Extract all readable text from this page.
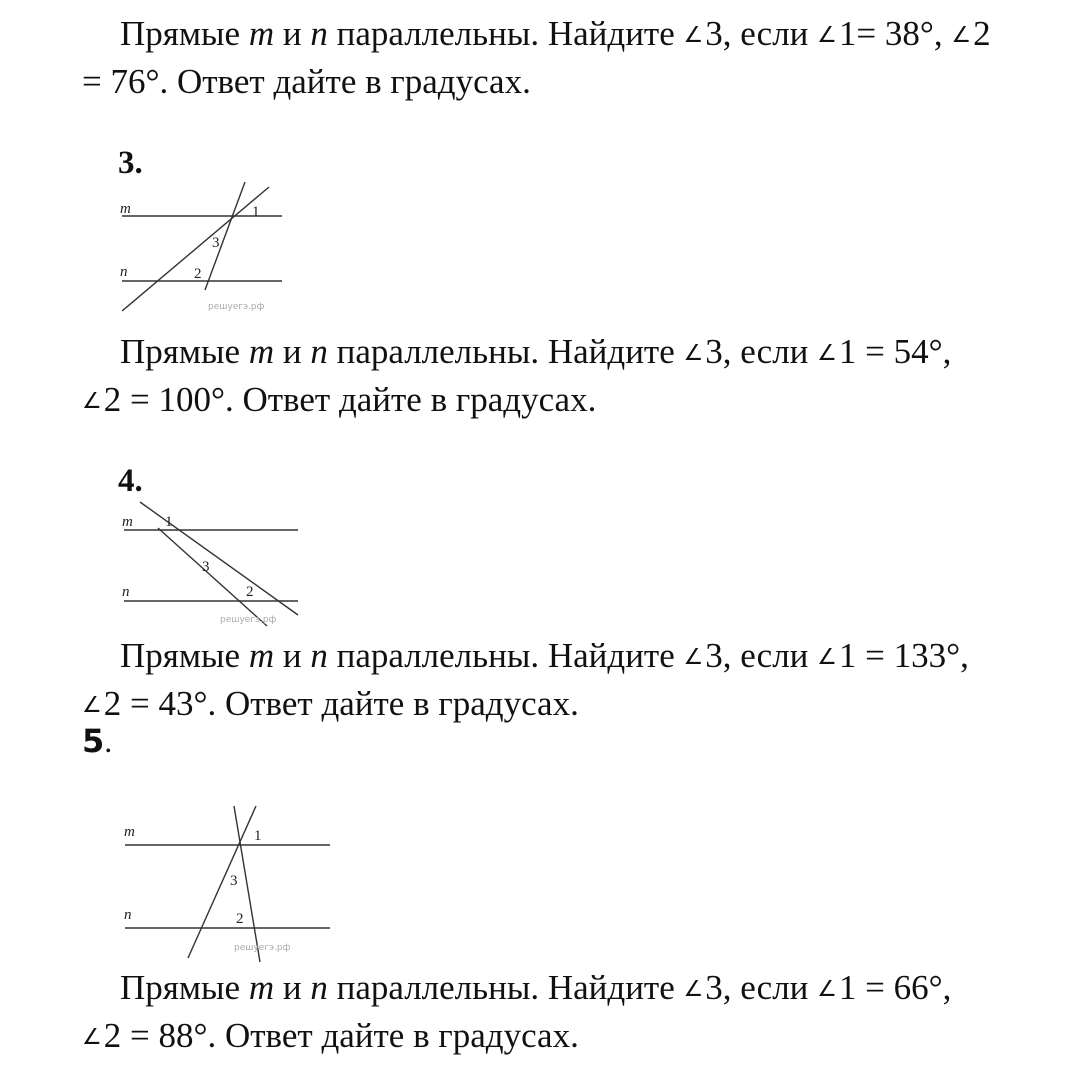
Прямые m и n параллельны. Найдите ∠3, если ∠1= 38°, ∠2
= 76°. Ответ дайте в градусах.
3.
m
n
1
3
2
решуегэ.рф
Прямые m и n параллельны. Найдите ∠3, если ∠1 = 54°,
∠2 = 100°. Ответ дайте в градусах.
4.
m
n
1
3
2
решуегэ.рф
Прямые m и n параллельны. Найдите ∠3, если ∠1 = 133°,
∠2 = 43°. Ответ дайте в градусах.
5.
m
n
1
3
2
решуегэ.рф
Прямые m и n параллельны. Найдите ∠3, если ∠1 = 66°,
∠2 = 88°. Ответ дайте в градусах.
